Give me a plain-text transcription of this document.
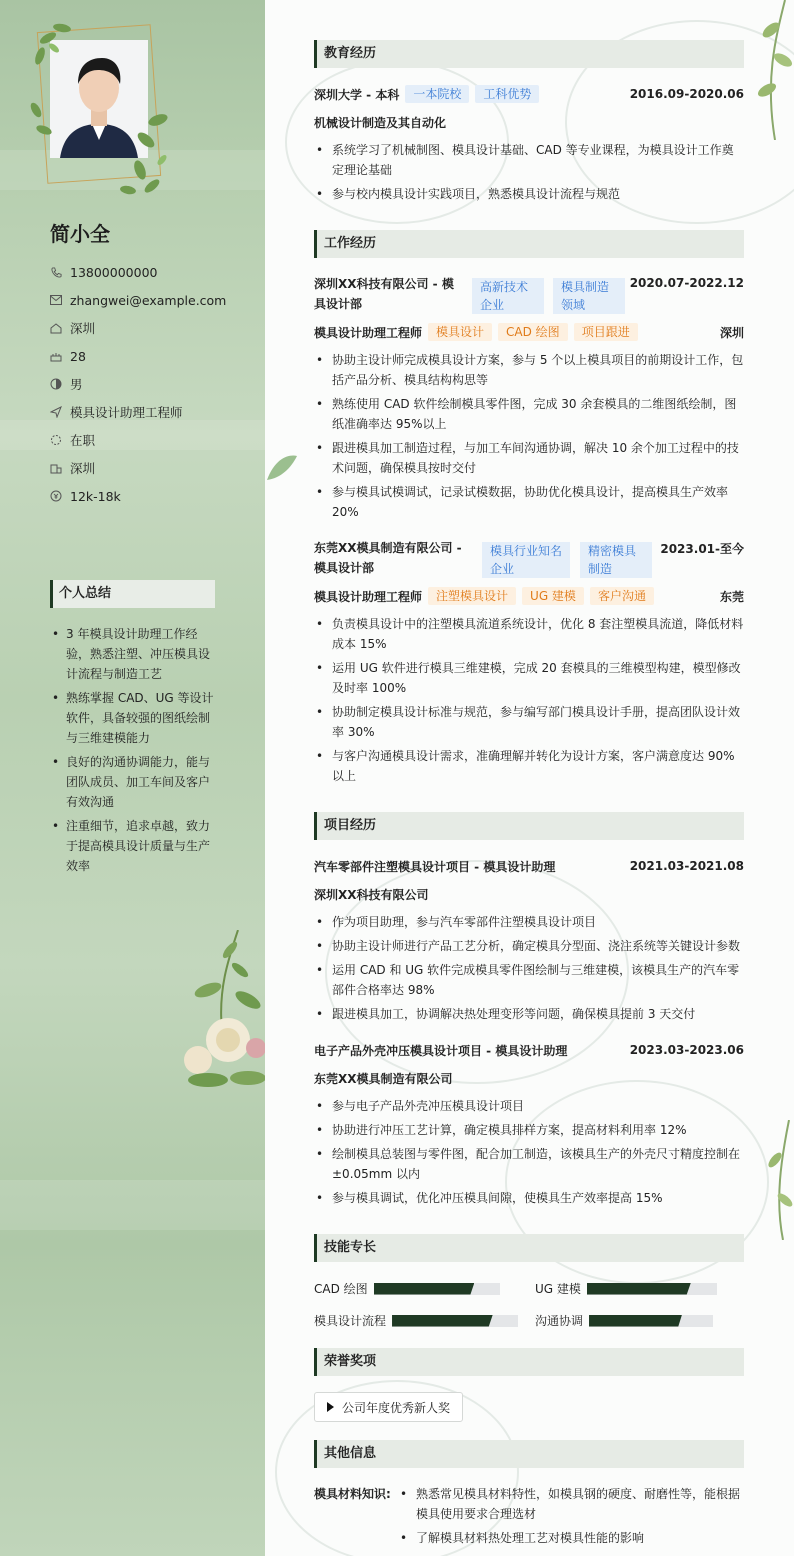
简小全
13800000000
zhangwei@example.com
深圳
28
男
模具设计助理工程师
在职
深圳
12k-18k
个人总结
• 3 年模具设计助理工作经验，熟悉注塑、冲压模具设计流程与制造工艺
• 熟练掌握 CAD、UG 等设计软件，具备较强的图纸绘制与三维建模能力
• 良好的沟通协调能力，能与团队成员、加工车间及客户有效沟通
• 注重细节，追求卓越，致力于提高模具设计质量与生产效率
教育经历
深圳大学 - 本科	一本院校	工科优势	2016.09-2020.06
机械设计制造及其自动化
• 系统学习了机械制图、模具设计基础、CAD 等专业课程，为模具设计工作奠定理论基础
• 参与校内模具设计实践项目，熟悉模具设计流程与规范
工作经历
深圳XX科技有限公司 - 模
具设计部
高新技术
企业
模具制造
领域
2020.07-2022.12
模具设计助理工程师	模具设计	CAD 绘图	项目跟进	深圳
• 协助主设计师完成模具设计方案，参与 5 个以上模具项目的前期设计工作，包括产品分析、模具结构构思等
• 熟练使用 CAD 软件绘制模具零件图，完成 30 余套模具的二维图纸绘制，图纸准确率达 95%以上
• 跟进模具加工制造过程，与加工车间沟通协调，解决 10 余个加工过程中的技术问题，确保模具按时交付
• 参与模具试模调试，记录试模数据，协助优化模具设计，提高模具生产效率 20%
东莞XX模具制造有限公司 -
模具设计部
模具行业知名
企业
精密模具
制造
2023.01-至今
模具设计助理工程师	注塑模具设计	UG 建模	客户沟通	东莞
• 负责模具设计中的注塑模具流道系统设计，优化 8 套注塑模具流道，降低材料成本 15%
• 运用 UG 软件进行模具三维建模，完成 20 套模具的三维模型构建，模型修改及时率 100%
• 协助制定模具设计标准与规范，参与编写部门模具设计手册，提高团队设计效率 30%
• 与客户沟通模具设计需求，准确理解并转化为设计方案，客户满意度达 90%以上
项目经历
汽车零部件注塑模具设计项目 - 模具设计助理	2021.03-2021.08
深圳XX科技有限公司
• 作为项目助理，参与汽车零部件注塑模具设计项目
• 协助主设计师进行产品工艺分析，确定模具分型面、浇注系统等关键设计参数
• 运用 CAD 和 UG 软件完成模具零件图绘制与三维建模，该模具生产的汽车零部件合格率达 98%
• 跟进模具加工，协调解决热处理变形等问题，确保模具提前 3 天交付
电子产品外壳冲压模具设计项目 - 模具设计助理	2023.03-2023.06
东莞XX模具制造有限公司
• 参与电子产品外壳冲压模具设计项目
• 协助进行冲压工艺计算，确定模具排样方案，提高材料利用率 12%
• 绘制模具总装图与零件图，配合加工制造，该模具生产的外壳尺寸精度控制在±0.05mm 以内
• 参与模具调试，优化冲压模具间隙，使模具生产效率提高 15%
技能专长
CAD 绘图	UG 建模
模具设计流程	沟通协调
荣誉奖项
公司年度优秀新人奖
其他信息
模具材料知识:
•	熟悉常见模具材料特性，如模具钢的硬度、耐磨性等，能根据模具使用要求合理选材
• 了解模具材料热处理工艺对模具性能的影响
